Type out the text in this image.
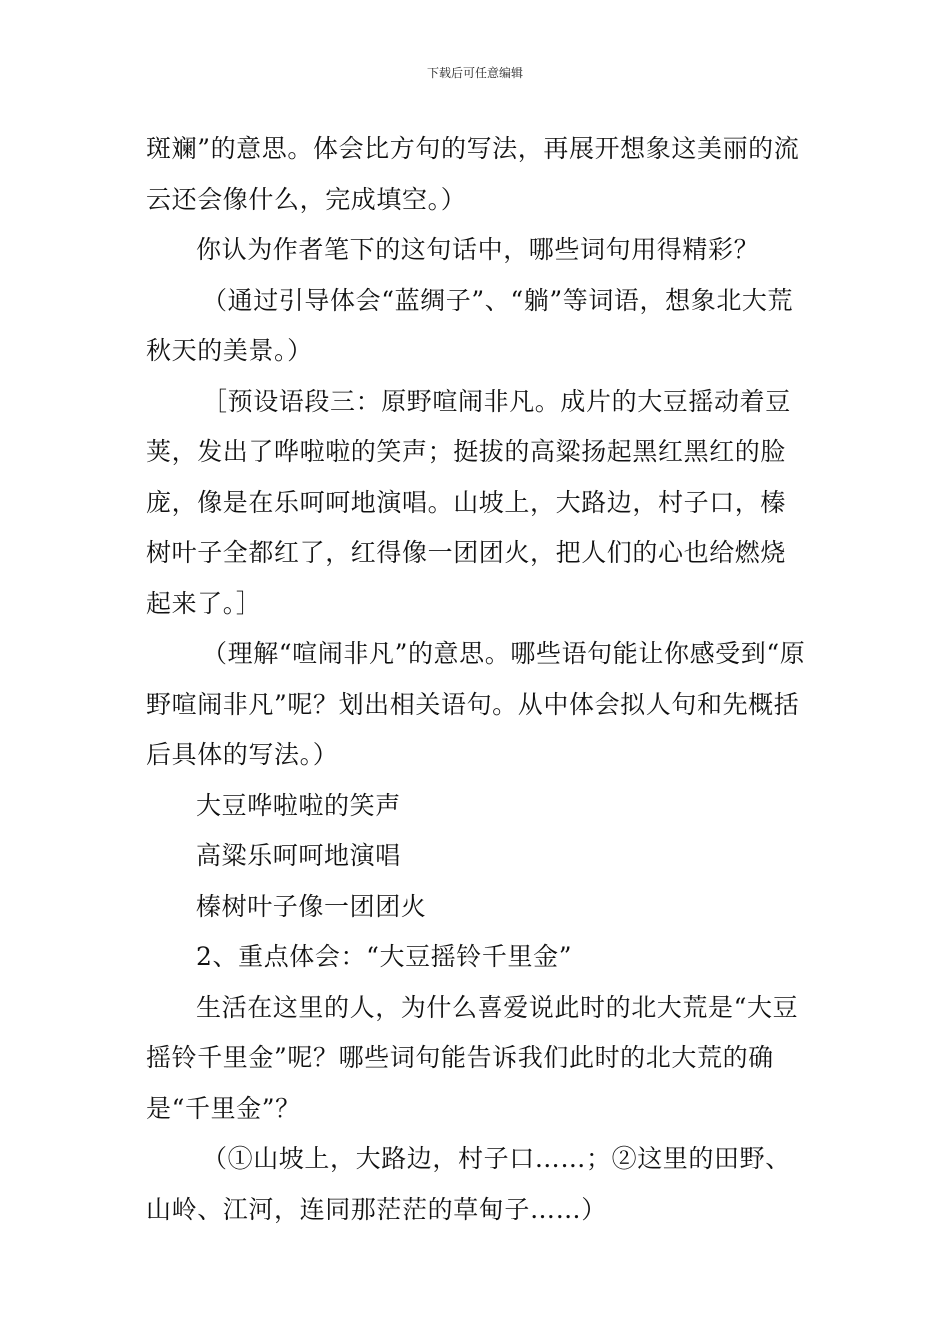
下载后可任意编辑

斑斓”的意思。体会比方句的写法，再展开想象这美丽的流云还会像什么，完成填空。）

你认为作者笔下的这句话中，哪些词句用得精彩？

（通过引导体会“蓝绸子”、“躺”等词语，想象北大荒秋天的美景。）

［预设语段三：原野喧闹非凡。成片的大豆摇动着豆荚，发出了哗啦啦的笑声；挺拔的高粱扬起黑红黑红的脸庞，像是在乐呵呵地演唱。山坡上，大路边，村子口，榛树叶子全都红了，红得像一团团火，把人们的心也给燃烧起来了。］

（理解“喧闹非凡”的意思。哪些语句能让你感受到“原野喧闹非凡”呢？划出相关语句。从中体会拟人句和先概括后具体的写法。）

大豆哗啦啦的笑声

高粱乐呵呵地演唱

榛树叶子像一团团火

2、重点体会：“大豆摇铃千里金”

生活在这里的人，为什么喜爱说此时的北大荒是“大豆摇铃千里金”呢？哪些词句能告诉我们此时的北大荒的确是“千里金”？

（①山坡上，大路边，村子口……；②这里的田野、山岭、江河，连同那茫茫的草甸子……）
